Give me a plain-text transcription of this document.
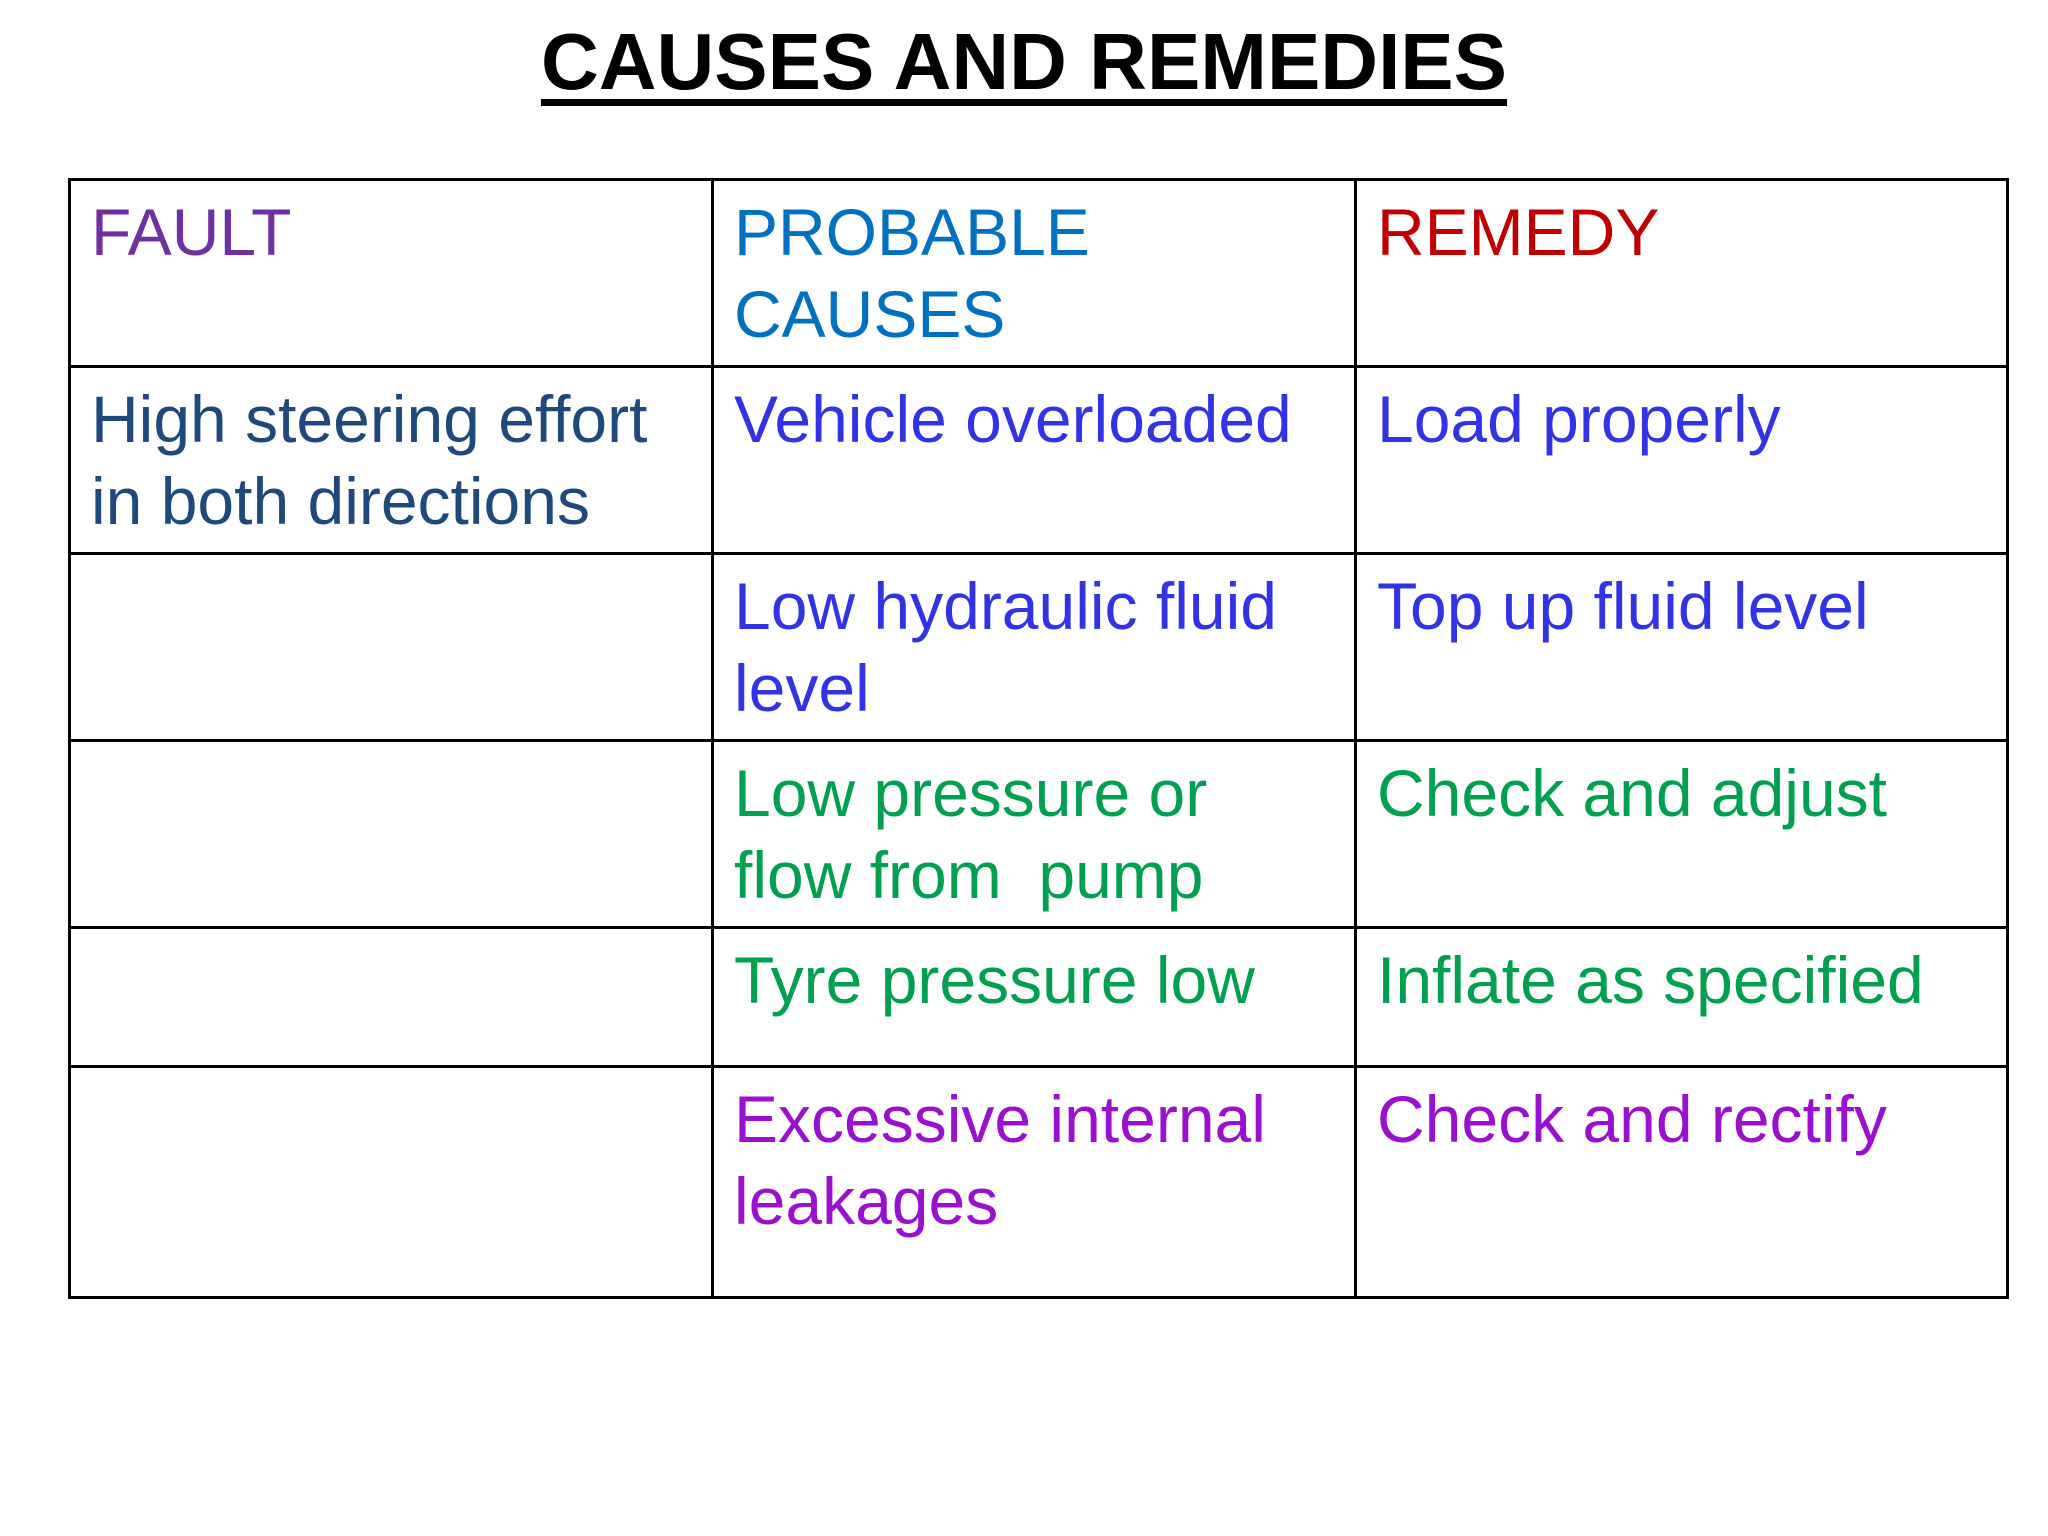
CAUSES AND REMEDIES
FAULT	PROBABLE CAUSES	REMEDY
High steering effort in both directions	Vehicle overloaded	Load properly
	Low hydraulic fluid level	Top up fluid level
	Low pressure or flow from  pump	Check and adjust
	Tyre pressure low	Inflate as specified
	Excessive internal leakages	Check and rectify
